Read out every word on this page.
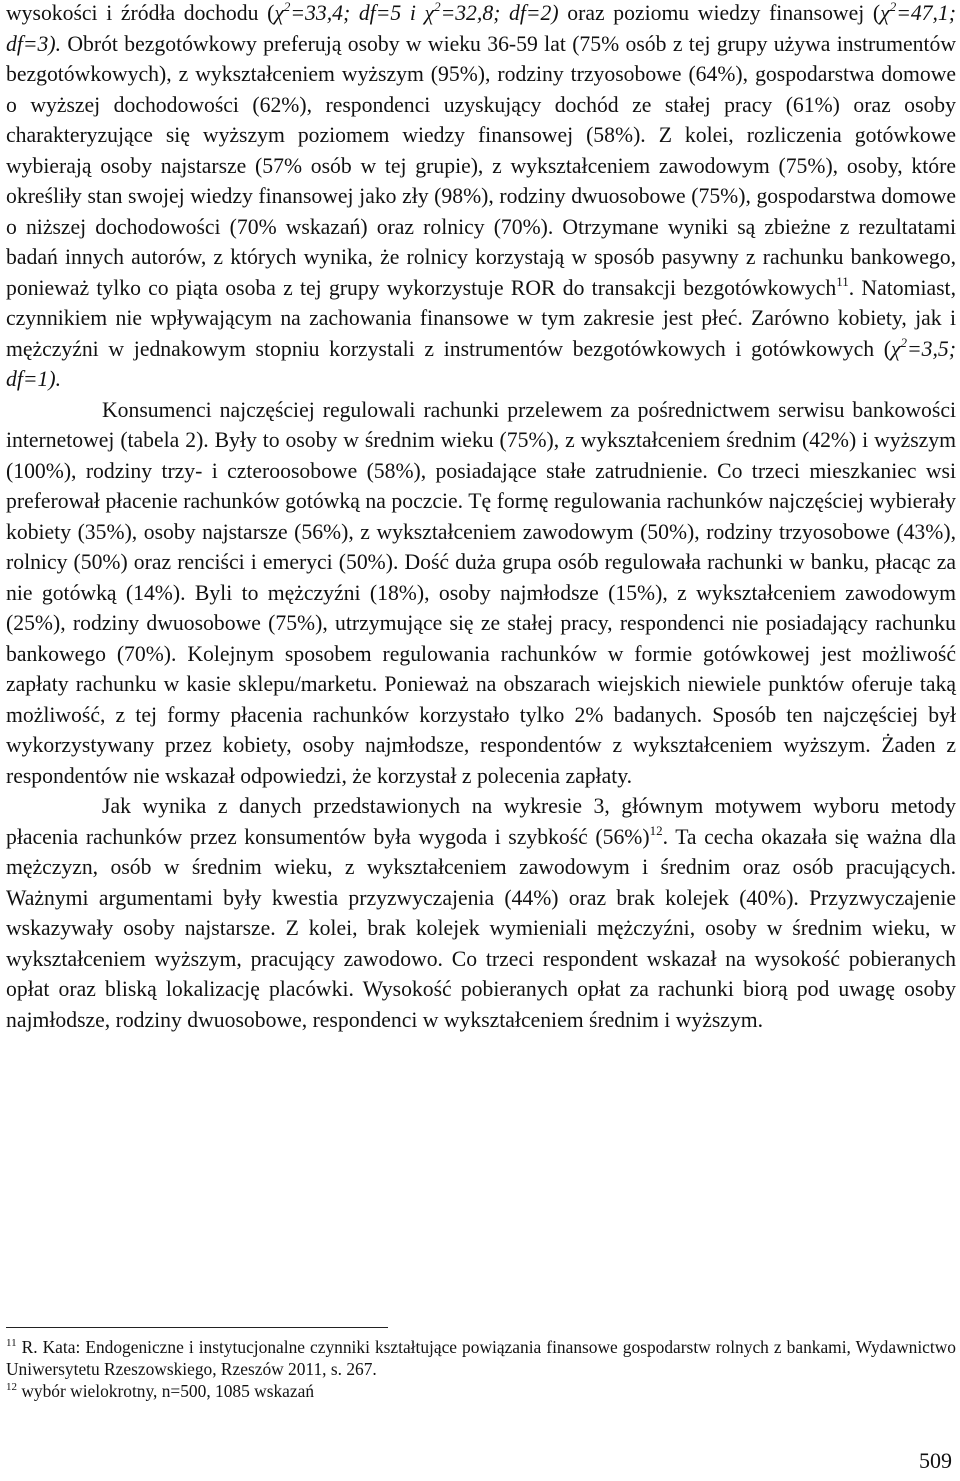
wysokości i źródła dochodu ($\chi^2=33,4$; df=5 i $\chi^2=32,8$; df=2) oraz poziomu wiedzy finansowej ($\chi^2=47,1$; df=3). Obrót bezgotówkowy preferują osoby w wieku 36-59 lat (75% osób z tej grupy używa instrumentów bezgotówkowych), z wykształceniem wyższym (95%), rodziny trzyosobowe (64%), gospodarstwa domowe o wyższej dochodowości (62%), respondenci uzyskujący dochód ze stałej pracy (61%) oraz osoby charakteryzujące się wyższym poziomem wiedzy finansowej (58%). Z kolei, rozliczenia gotówkowe wybierają osoby najstarsze (57% osób w tej grupie), z wykształceniem zawodowym (75%), osoby, które określiły stan swojej wiedzy finansowej jako zły (98%), rodziny dwuosobowe (75%), gospodarstwa domowe o niższej dochodowości (70% wskazań) oraz rolnicy (70%). Otrzymane wyniki są zbieżne z rezultatami badań innych autorów, z których wynika, że rolnicy korzystają w sposób pasywny z rachunku bankowego, ponieważ tylko co piąta osoba z tej grupy wykorzystuje ROR do transakcji bezgotówkowych$^{11}$. Natomiast, czynnikiem nie wpływającym na zachowania finansowe w tym zakresie jest płeć. Zarówno kobiety, jak i mężczyźni w jednakowym stopniu korzystali z instrumentów bezgotówkowych i gotówkowych ($\chi^2=3,5$; df=1).

Konsumenci najczęściej regulowali rachunki przelewem za pośrednictwem serwisu bankowości internetowej (tabela 2). Były to osoby w średnim wieku (75%), z wykształceniem średnim (42%) i wyższym (100%), rodziny trzy- i czteroosobowe (58%), posiadające stałe zatrudnienie. Co trzeci mieszkaniec wsi preferował płacenie rachunków gotówką na poczcie. Tę formę regulowania rachunków najczęściej wybierały kobiety (35%), osoby najstarsze (56%), z wykształceniem zawodowym (50%), rodziny trzyosobowe (43%), rolnicy (50%) oraz renciści i emeryci (50%). Dość duża grupa osób regulowała rachunki w banku, płacąc za nie gotówką (14%). Byli to mężczyźni (18%), osoby najmłodsze (15%), z wykształceniem zawodowym (25%), rodziny dwuosobowe (75%), utrzymujące się ze stałej pracy, respondenci nie posiadający rachunku bankowego (70%). Kolejnym sposobem regulowania rachunków w formie gotówkowej jest możliwość zapłaty rachunku w kasie sklepu/marketu. Ponieważ na obszarach wiejskich niewiele punktów oferuje taką możliwość, z tej formy płacenia rachunków korzystało tylko 2% badanych. Sposób ten najczęściej był wykorzystywany przez kobiety, osoby najmłodsze, respondentów z wykształceniem wyższym. Żaden z respondentów nie wskazał odpowiedzi, że korzystał z polecenia zapłaty.

Jak wynika z danych przedstawionych na wykresie 3, głównym motywem wyboru metody płacenia rachunków przez konsumentów była wygoda i szybkość $(56\%)^{12}$. Ta cecha okazała się ważna dla mężczyzn, osób w średnim wieku, z wykształceniem zawodowym i średnim oraz osób pracujących. Ważnymi argumentami były kwestia przyzwyczajenia (44%) oraz brak kolejek (40%). Przyzwyczajenie wskazywały osoby najstarsze. Z kolei, brak kolejek wymieniali mężczyźni, osoby w średnim wieku, w wykształceniem wyższym, pracujący zawodowo. Co trzeci respondent wskazał na wysokość pobieranych opłat oraz bliską lokalizację placówki. Wysokość pobieranych opłat za rachunki biorą pod uwagę osoby najmłodsze, rodziny dwuosobowe, respondenci w wykształceniem średnim i wyższym.

$^{11}$ R. Kata: Endogeniczne i instytucjonalne czynniki kształtujące powiązania finansowe gospodarstw rolnych z bankami, Wydawnictwo Uniwersytetu Rzeszowskiego, Rzeszów 2011, s. 267.

$^{12}$ wybór wielokrotny, n=500, 1085 wskazań

509
